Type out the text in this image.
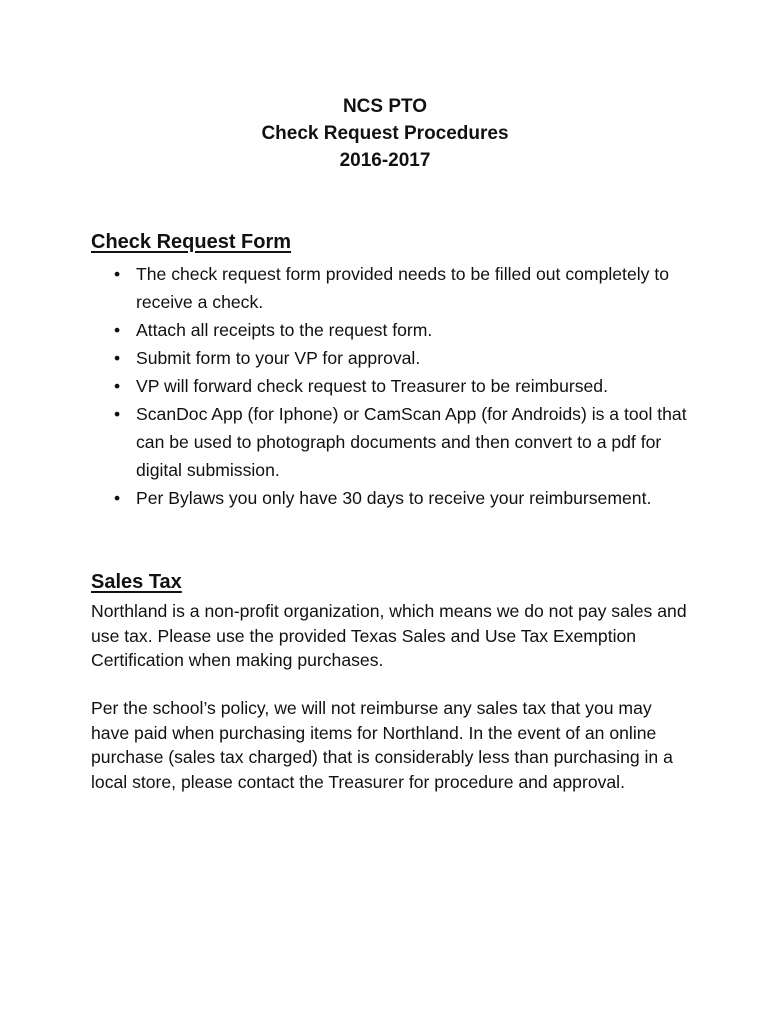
NCS PTO
Check Request Procedures
2016-2017
Check Request Form
• The check request form provided needs to be filled out completely to receive a check.
• Attach all receipts to the request form.
• Submit form to your VP for approval.
• VP will forward check request to Treasurer to be reimbursed.
• ScanDoc App (for Iphone) or CamScan App (for Androids) is a tool that can be used to photograph documents and then convert to a pdf for digital submission.
• Per Bylaws you only have 30 days to receive your reimbursement.
Sales Tax

Northland is a non-profit organization, which means we do not pay sales and use tax. Please use the provided Texas Sales and Use Tax Exemption Certification when making purchases.

Per the school’s policy, we will not reimburse any sales tax that you may have paid when purchasing items for Northland. In the event of an online purchase (sales tax charged) that is considerably less than purchasing in a local store, please contact the Treasurer for procedure and approval.
